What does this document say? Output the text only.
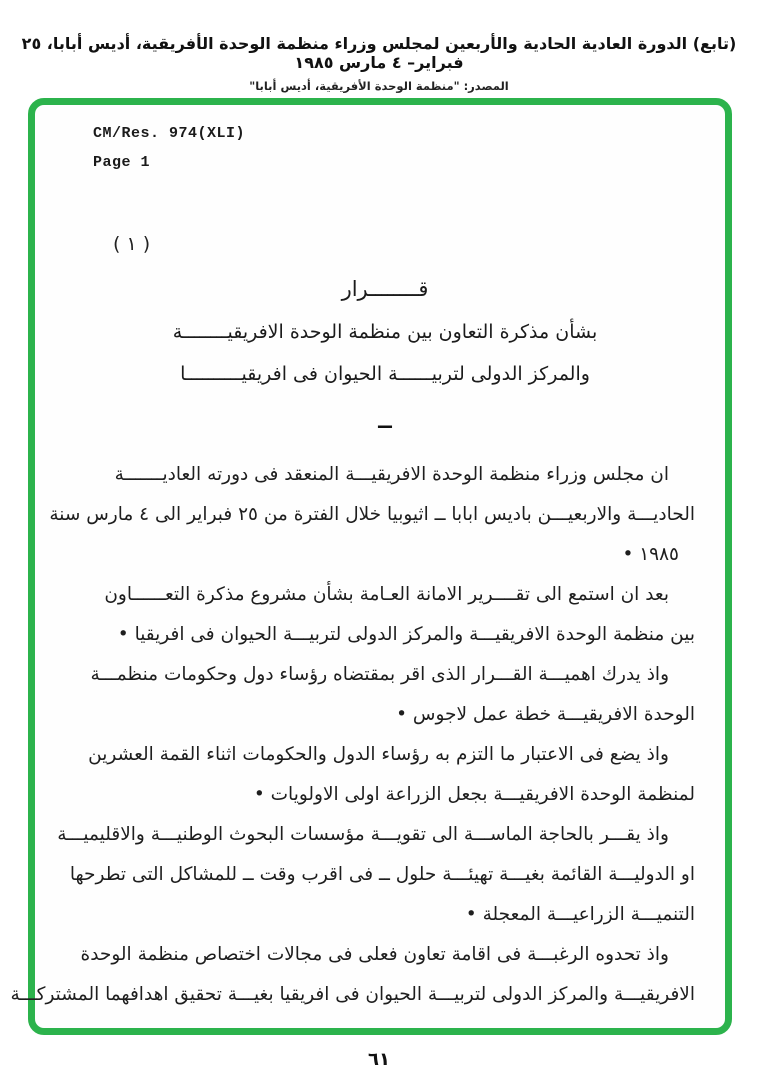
(تابع) الدورة العادية الحادية والأربعين لمجلس وزراء منظمة الوحدة الأفريقية، أديس أبابا، ٢٥ فبراير– ٤ مارس ١٩٨٥
المصدر: "منظمة الوحدة الأفريقية، أديس أبابا"
CM/Res. 974(XLI)
Page 1
( ١ )
قــــــــرار
بشأن مذكرة التعاون بين منظمة الوحدة الافريقيــــــــة
والمركز الدولى لتربيــــــة الحيوان فى افريقيــــــــــا
ــ
ان مجلس وزراء منظمة الوحدة الافريقيـــة المنعقد فى دورته العاديـــــــة
الحاديـــة والاربعيـــن باديس ابابا ــ اثيوبيا خلال الفترة من ٢٥ فبراير الى ٤ مارس سنة
١٩٨٥ •
بعد ان استمع الى تقــــرير الامانة العـامة بشأن مشروع مذكرة التعــــــاون
بين منظمة الوحدة الافريقيـــة والمركز الدولى لتربيـــة الحيوان فى افريقيا •
واذ يدرك اهميـــة القـــرار الذى اقر بمقتضاه رؤساء دول وحكومات منظمـــة
الوحدة الافريقيـــة خطة عمل لاجوس •
واذ يضع فى الاعتبار ما التزم به رؤساء الدول والحكومات اثناء القمة العشرين
لمنظمة الوحدة الافريقيـــة بجعل الزراعة اولى الاولويات •
واذ يقـــر بالحاجة الماســـة الى تقويـــة مؤسسات البحوث الوطنيـــة والاقليميـــة
او الدوليـــة القائمة بغيـــة تهيئـــة حلول ــ فى اقرب وقت ــ للمشاكل التى تطرحها
التنميـــة الزراعيـــة المعجلة •
واذ تحدوه الرغبـــة فى اقامة تعاون فعلى فى مجالات اختصاص منظمة الوحدة
الافريقيـــة والمركز الدولى لتربيـــة الحيوان فى افريقيا بغيـــة تحقيق اهدافهما المشتركـــة
٦١
